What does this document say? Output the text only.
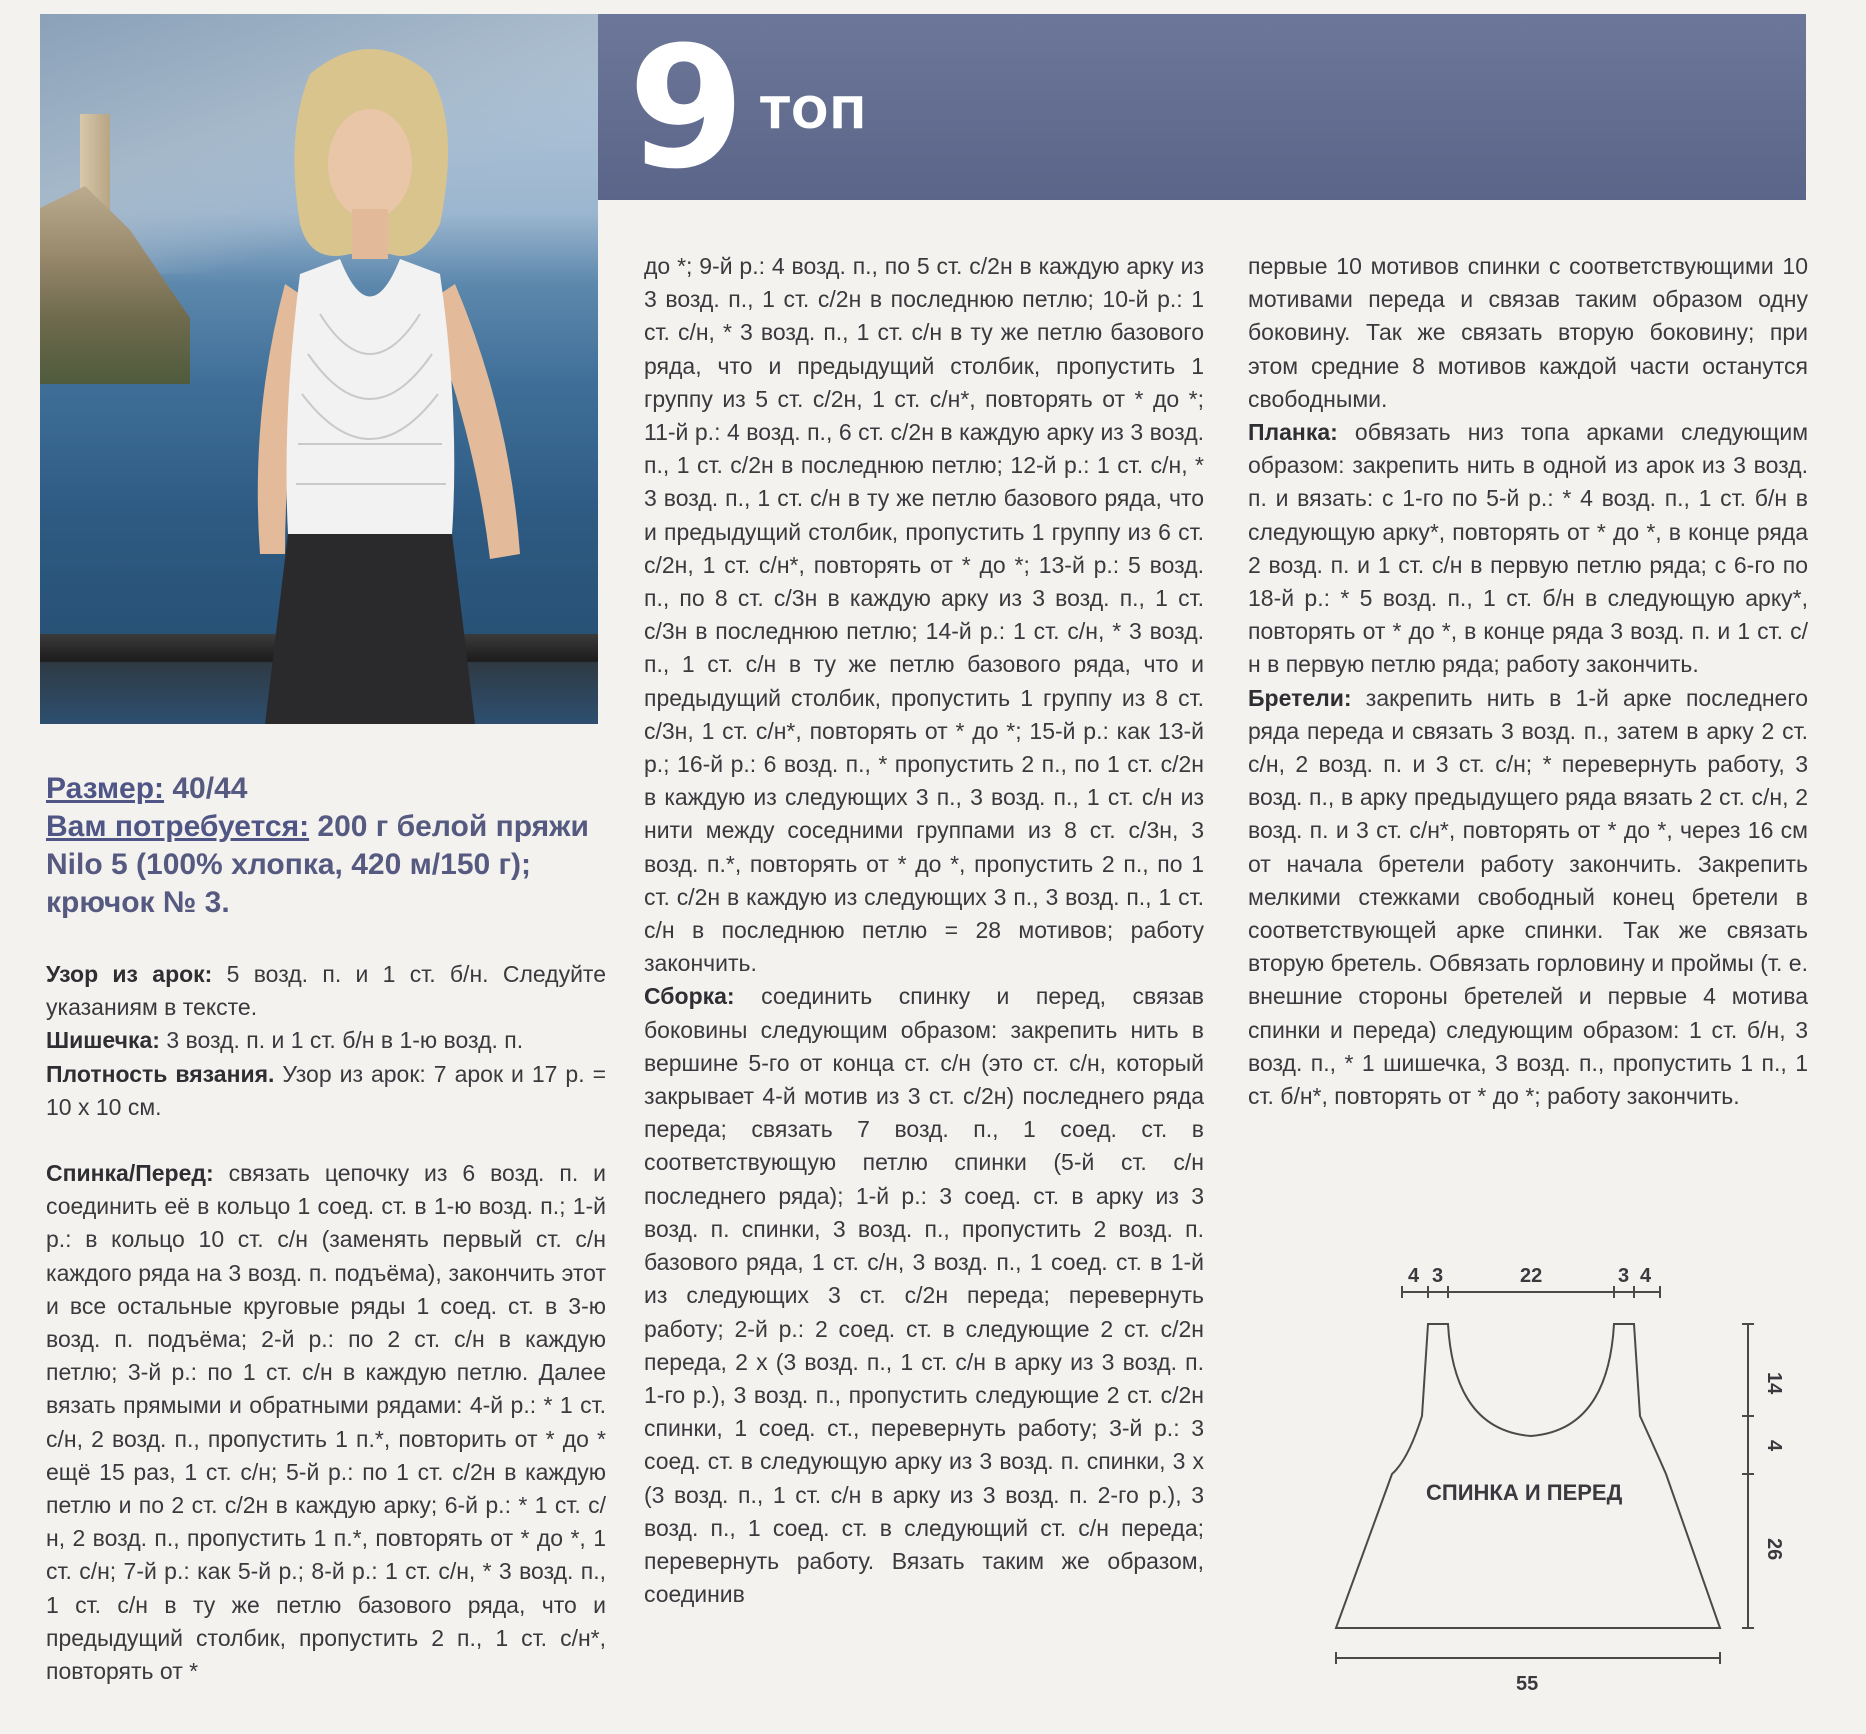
9 ТОП
Размер: 40/44
Вам потребуется: 200 г белой пряжи Nilo 5 (100% хлопка, 420 м/150 г); крючок № 3.

Узор из арок: 5 возд. п. и 1 ст. б/н. Следуйте указаниям в тексте.

Шишечка: 3 возд. п. и 1 ст. б/н в 1-ю возд. п.

Плотность вязания. Узор из арок: 7 арок и 17 р. = 10 х 10 см.

Спинка/Перед: связать цепочку из 6 возд. п. и соединить её в кольцо 1 соед. ст. в 1-ю возд. п.; 1-й р.: в кольцо 10 ст. с/н (заменять первый ст. с/н каждого ряда на 3 возд. п. подъёма), закончить этот и все остальные круговые ряды 1 соед. ст. в 3-ю возд. п. подъёма; 2-й р.: по 2 ст. с/н в каждую петлю; 3-й р.: по 1 ст. с/н в каждую петлю. Далее вязать прямыми и обратными рядами: 4-й р.: * 1 ст. с/н, 2 возд. п., пропустить 1 п.*, повторить от * до * ещё 15 раз, 1 ст. с/н; 5-й р.: по 1 ст. с/2н в каждую петлю и по 2 ст. с/2н в каждую арку; 6-й р.: * 1 ст. с/н, 2 возд. п., пропустить 1 п.*, повторять от * до *, 1 ст. с/н; 7-й р.: как 5-й р.; 8-й р.: 1 ст. с/н, * 3 возд. п., 1 ст. с/н в ту же петлю базового ряда, что и предыдущий столбик, пропустить 2 п., 1 ст. с/н*, повторять от *

до *; 9-й р.: 4 возд. п., по 5 ст. с/2н в каждую арку из 3 возд. п., 1 ст. с/2н в последнюю петлю; 10-й р.: 1 ст. с/н, * 3 возд. п., 1 ст. с/н в ту же петлю базового ряда, что и предыдущий столбик, пропустить 1 группу из 5 ст. с/2н, 1 ст. с/н*, повторять от * до *; 11-й р.: 4 возд. п., 6 ст. с/2н в каждую арку из 3 возд. п., 1 ст. с/2н в последнюю петлю; 12-й р.: 1 ст. с/н, * 3 возд. п., 1 ст. с/н в ту же петлю базового ряда, что и предыдущий столбик, пропустить 1 группу из 6 ст. с/2н, 1 ст. с/н*, повторять от * до *; 13-й р.: 5 возд. п., по 8 ст. с/3н в каждую арку из 3 возд. п., 1 ст. с/3н в последнюю петлю; 14-й р.: 1 ст. с/н, * 3 возд. п., 1 ст. с/н в ту же петлю базового ряда, что и предыдущий столбик, пропустить 1 группу из 8 ст. с/3н, 1 ст. с/н*, повторять от * до *; 15-й р.: как 13-й р.; 16-й р.: 6 возд. п., * пропустить 2 п., по 1 ст. с/2н в каждую из следующих 3 п., 3 возд. п., 1 ст. с/н из нити между соседними группами из 8 ст. с/3н, 3 возд. п.*, повторять от * до *, пропустить 2 п., по 1 ст. с/2н в каждую из следующих 3 п., 3 возд. п., 1 ст. с/н в последнюю петлю = 28 мотивов; работу закончить.

Сборка: соединить спинку и перед, связав боковины следующим образом: закрепить нить в вершине 5-го от конца ст. с/н (это ст. с/н, который закрывает 4-й мотив из 3 ст. с/2н) последнего ряда переда; связать 7 возд. п., 1 соед. ст. в соответствующую петлю спинки (5-й ст. с/н последнего ряда); 1-й р.: 3 соед. ст. в арку из 3 возд. п. спинки, 3 возд. п., пропустить 2 возд. п. базового ряда, 1 ст. с/н, 3 возд. п., 1 соед. ст. в 1-й из следующих 3 ст. с/2н переда; перевернуть работу; 2-й р.: 2 соед. ст. в следующие 2 ст. с/2н переда, 2 х (3 возд. п., 1 ст. с/н в арку из 3 возд. п. 1-го р.), 3 возд. п., пропустить следующие 2 ст. с/2н спинки, 1 соед. ст., перевернуть работу; 3-й р.: 3 соед. ст. в следующую арку из 3 возд. п. спинки, 3 х (3 возд. п., 1 ст. с/н в арку из 3 возд. п. 2-го р.), 3 возд. п., 1 соед. ст. в следующий ст. с/н переда; перевернуть работу. Вязать таким же образом, соединив

первые 10 мотивов спинки с соответствующими 10 мотивами переда и связав таким образом одну боковину. Так же связать вторую боковину; при этом средние 8 мотивов каждой части останутся свободными.

Планка: обвязать низ топа арками следующим образом: закрепить нить в одной из арок из 3 возд. п. и вязать: с 1-го по 5-й р.: * 4 возд. п., 1 ст. б/н в следующую арку*, повторять от * до *, в конце ряда 2 возд. п. и 1 ст. с/н в первую петлю ряда; с 6-го по 18-й р.: * 5 возд. п., 1 ст. б/н в следующую арку*, повторять от * до *, в конце ряда 3 возд. п. и 1 ст. с/н в первую петлю ряда; работу закончить.

Бретели: закрепить нить в 1-й арке последнего ряда переда и связать 3 возд. п., затем в арку 2 ст. с/н, 2 возд. п. и 3 ст. с/н; * перевернуть работу, 3 возд. п., в арку предыдущего ряда вязать 2 ст. с/н, 2 возд. п. и 3 ст. с/н*, повторять от * до *, через 16 см от начала бретели работу закончить. Закрепить мелкими стежками свободный конец бретели в соответствующей арке спинки. Так же связать вторую бретель. Обвязать горловину и проймы (т. е. внешние стороны бретелей и первые 4 мотива спинки и переда) следующим образом: 1 ст. б/н, 3 возд. п., * 1 шишечка, 3 возд. п., пропустить 1 п., 1 ст. б/н*, повторять от * до *; работу закончить.

4 3	22	3 4
14
4
26
55
СПИНКА И ПЕРЕД
